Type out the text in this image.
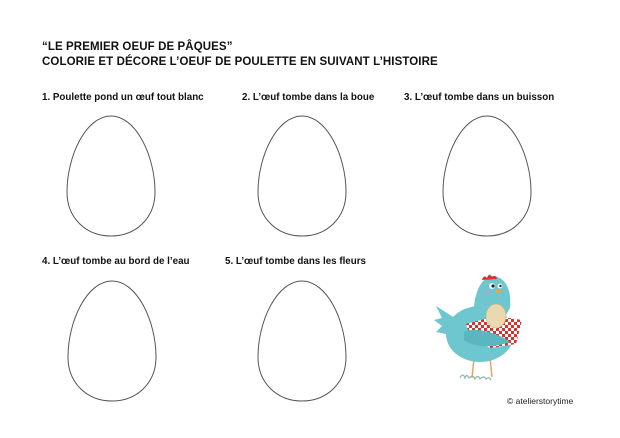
“LE PREMIER OEUF DE PÂQUES”
COLORIE ET DÉCORE L’OEUF DE POULETTE EN SUIVANT L’HISTOIRE
1. Poulette pond un œuf tout blanc	2. L’œuf tombe dans la boue	3. L’œuf tombe dans un buisson
4. L’œuf tombe au bord de l’eau	5. L’œuf tombe dans les fleurs
© atelierstorytime
